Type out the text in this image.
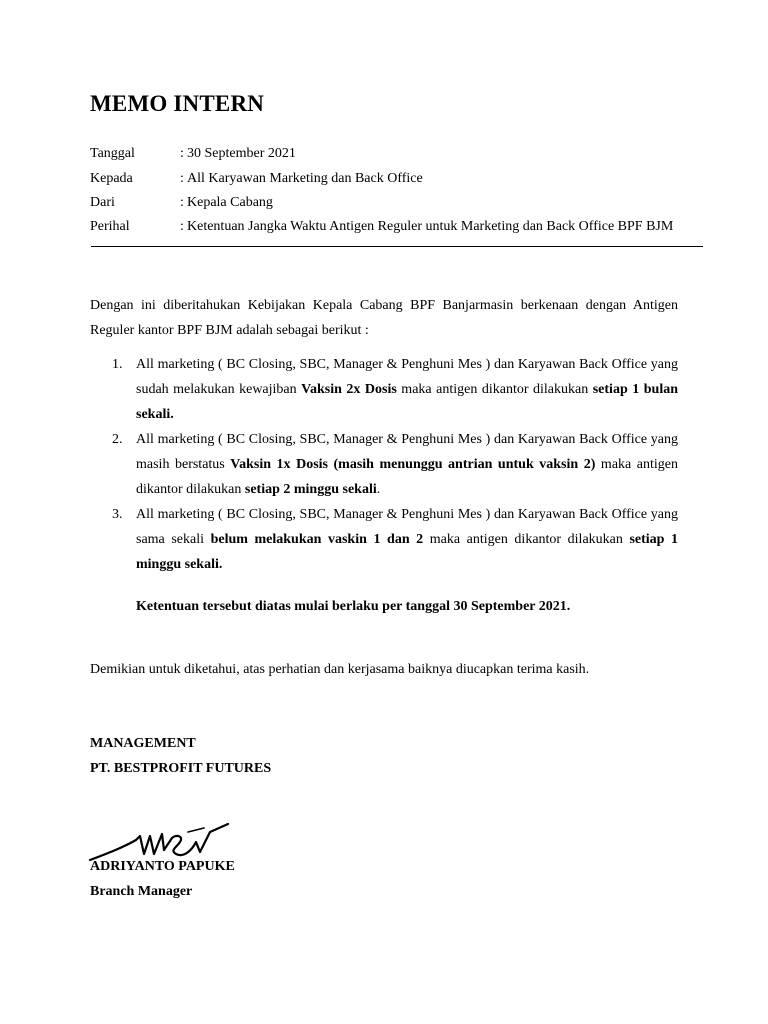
MEMO INTERN
Tanggal	: 30 September 2021
Kepada	: All Karyawan Marketing dan Back Office
Dari	: Kepala Cabang
Perihal	: Ketentuan Jangka Waktu Antigen Reguler untuk Marketing dan Back Office BPF BJM

Dengan ini diberitahukan Kebijakan Kepala Cabang BPF Banjarmasin berkenaan dengan Antigen Reguler kantor BPF BJM adalah sebagai berikut :

1. All marketing ( BC Closing, SBC, Manager & Penghuni Mes ) dan Karyawan Back Office yang sudah melakukan kewajiban Vaksin 2x Dosis maka antigen dikantor dilakukan setiap 1 bulan sekali.
2. All marketing ( BC Closing, SBC, Manager & Penghuni Mes ) dan Karyawan Back Office yang masih berstatus Vaksin 1x Dosis (masih menunggu antrian untuk vaksin 2) maka antigen dikantor dilakukan setiap 2 minggu sekali.
3. All marketing ( BC Closing, SBC, Manager & Penghuni Mes ) dan Karyawan Back Office yang sama sekali belum melakukan vaskin 1 dan 2 maka antigen dikantor dilakukan setiap 1 minggu sekali.
Ketentuan tersebut diatas mulai berlaku per tanggal 30 September 2021.
Demikian untuk diketahui, atas perhatian dan kerjasama baiknya diucapkan terima kasih.
MANAGEMENT
PT. BESTPROFIT FUTURES
ADRIYANTO PAPUKE
Branch Manager
